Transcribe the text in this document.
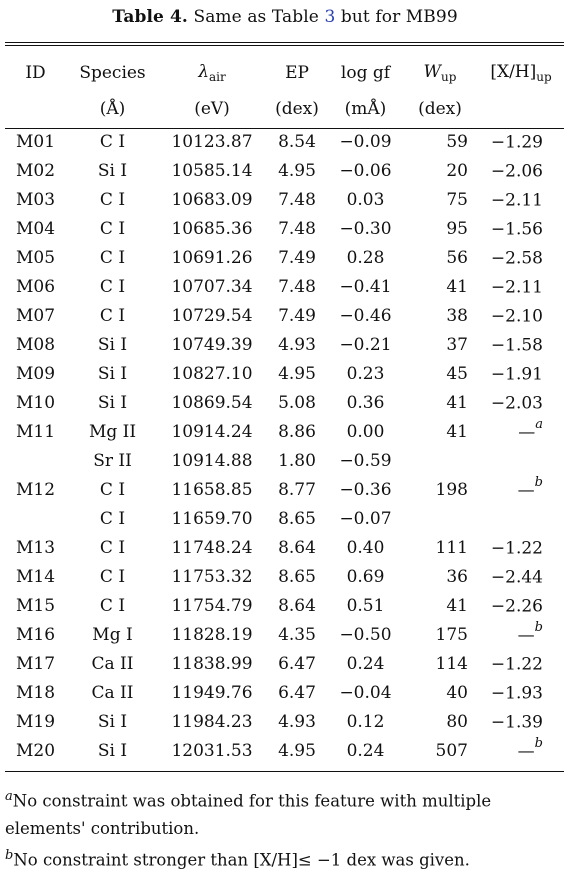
Table 4. Same as Table 3 but for MB99
ID	Species	$\lambda_{air}$	EP	log gf	$W_{up}$	$[X/H]_{up}$
	(Å)	(eV)	(dex)	(mÅ)	(dex)	
M01	C I	10123.87	8.54	−0.09	59	−1.29
M02	Si I	10585.14	4.95	−0.06	20	−2.06
M03	C I	10683.09	7.48	0.03	75	−2.11
M04	C I	10685.36	7.48	−0.30	95	−1.56
M05	C I	10691.26	7.49	0.28	56	−2.58
M06	C I	10707.34	7.48	−0.41	41	−2.11
M07	C I	10729.54	7.49	−0.46	38	−2.10
M08	Si I	10749.39	4.93	−0.21	37	−1.58
M09	Si I	10827.10	4.95	0.23	45	−1.91
M10	Si I	10869.54	5.08	0.36	41	−2.03
M11	Mg II	10914.24	8.86	0.00	41	—$^a$
	Sr II	10914.88	1.80	−0.59		
M12	C I	11658.85	8.77	−0.36	198	—$^b$
	C I	11659.70	8.65	−0.07		
M13	C I	11748.24	8.64	0.40	111	−1.22
M14	C I	11753.32	8.65	0.69	36	−2.44
M15	C I	11754.79	8.64	0.51	41	−2.26
M16	Mg I	11828.19	4.35	−0.50	175	—$^b$
M17	Ca II	11838.99	6.47	0.24	114	−1.22
M18	Ca II	11949.76	6.47	−0.04	40	−1.93
M19	Si I	11984.23	4.93	0.12	80	−1.39
M20	Si I	12031.53	4.95	0.24	507	—$^b$
$^a$No constraint was obtained for this feature with multiple elements' contribution.
$^b$No constraint stronger than [X/H]≤ −1 dex was given.
